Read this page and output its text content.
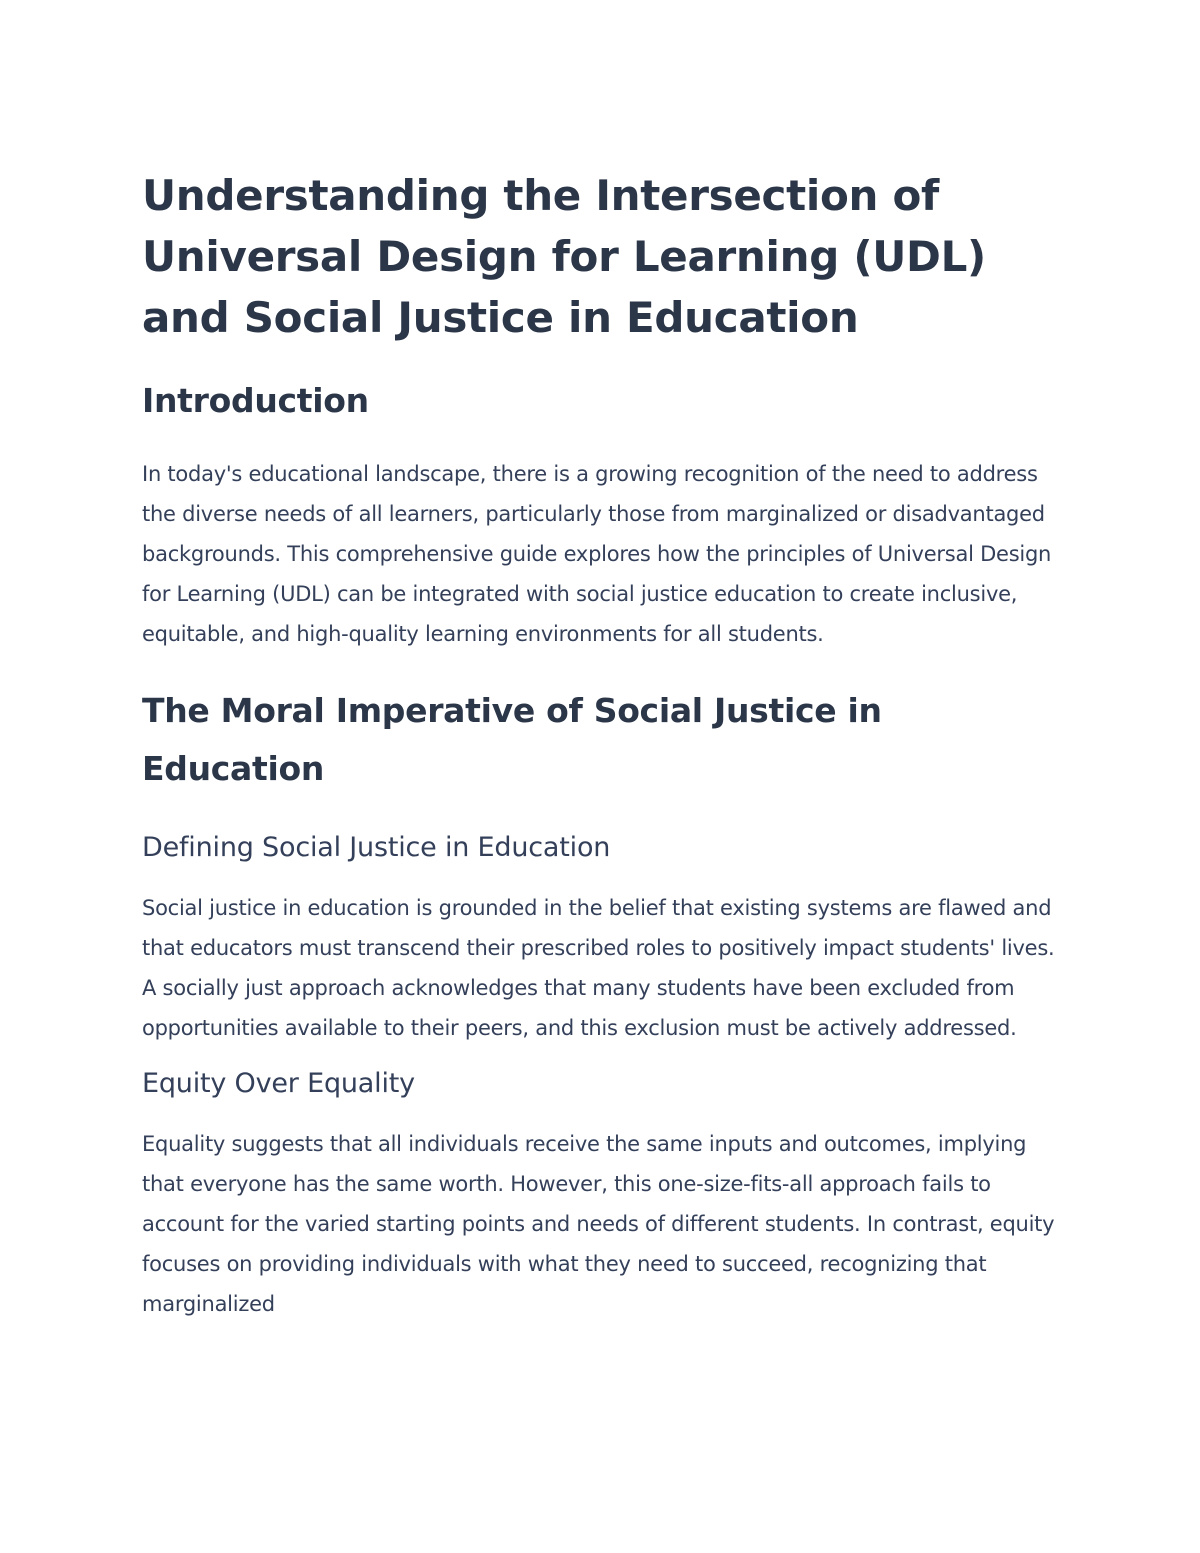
Understanding the Intersection of Universal Design for Learning (UDL) and Social Justice in Education
Introduction

In today's educational landscape, there is a growing recognition of the need to address the diverse needs of all learners, particularly those from marginalized or disadvantaged backgrounds. This comprehensive guide explores how the principles of Universal Design for Learning (UDL) can be integrated with social justice education to create inclusive, equitable, and high-quality learning environments for all students.

The Moral Imperative of Social Justice in Education
Defining Social Justice in Education

Social justice in education is grounded in the belief that existing systems are flawed and that educators must transcend their prescribed roles to positively impact students' lives. A socially just approach acknowledges that many students have been excluded from opportunities available to their peers, and this exclusion must be actively addressed.

Equity Over Equality

Equality suggests that all individuals receive the same inputs and outcomes, implying that everyone has the same worth. However, this one-size-fits-all approach fails to account for the varied starting points and needs of different students. In contrast, equity focuses on providing individuals with what they need to succeed, recognizing that marginalized
